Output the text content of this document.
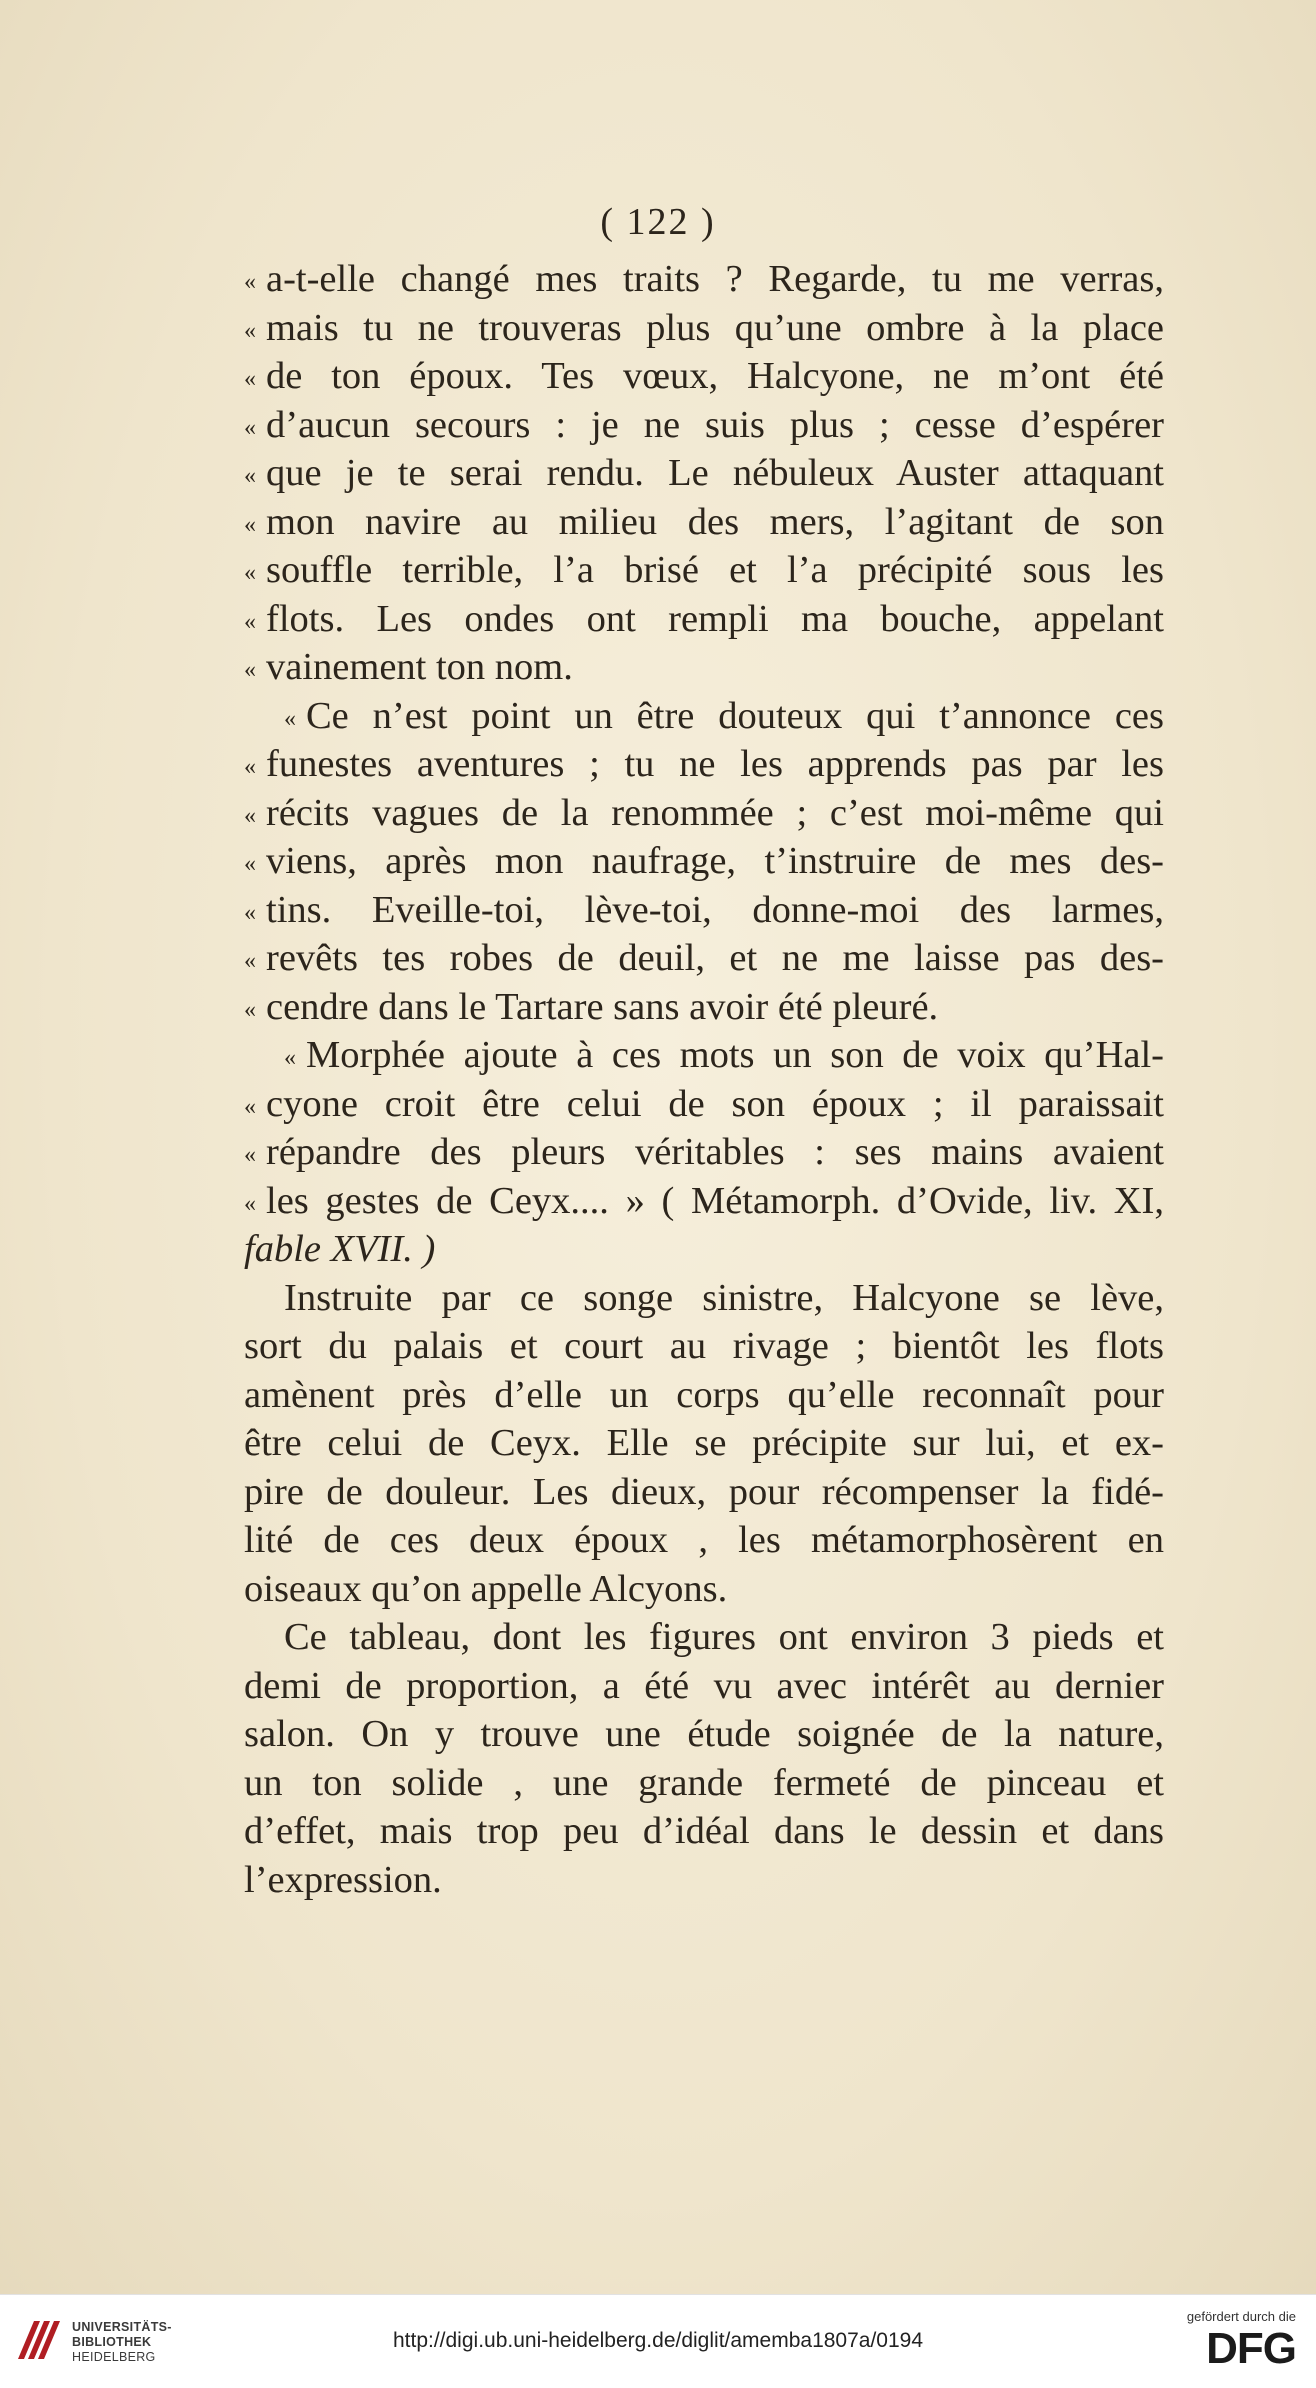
( 122 )
« a-t-elle changé mes traits ? Regarde, tu me verras,
« mais tu ne trouveras plus qu’une ombre à la place
« de ton époux. Tes vœux, Halcyone, ne m’ont été
« d’aucun secours : je ne suis plus ; cesse d’espérer
« que je te serai rendu. Le nébuleux Auster attaquant
« mon navire au milieu des mers, l’agitant de son
« souffle terrible, l’a brisé et l’a précipité sous les
« flots. Les ondes ont rempli ma bouche, appelant
« vainement ton nom.
« Ce n’est point un être douteux qui t’annonce ces
« funestes aventures ; tu ne les apprends pas par les
« récits vagues de la renommée ; c’est moi-même qui
« viens, après mon naufrage, t’instruire de mes des-
« tins. Eveille-toi, lève-toi, donne-moi des larmes,
« revêts tes robes de deuil, et ne me laisse pas des-
« cendre dans le Tartare sans avoir été pleuré.
« Morphée ajoute à ces mots un son de voix qu’Hal-
« cyone croit être celui de son époux ; il paraissait
« répandre des pleurs véritables : ses mains avaient
« les gestes de Ceyx.... » ( Métamorph. d’Ovide, liv. XI,
fable XVII. )
Instruite par ce songe sinistre, Halcyone se lève,
sort du palais et court au rivage ; bientôt les flots
amènent près d’elle un corps qu’elle reconnaît pour
être celui de Ceyx. Elle se précipite sur lui, et ex-
pire de douleur. Les dieux, pour récompenser la fidé-
lité de ces deux époux , les métamorphosèrent en
oiseaux qu’on appelle Alcyons.
Ce tableau, dont les figures ont environ 3 pieds et
demi de proportion, a été vu avec intérêt au dernier
salon. On y trouve une étude soignée de la nature,
un ton solide , une grande fermeté de pinceau et
d’effet, mais trop peu d’idéal dans le dessin et dans
l’expression.
UNIVERSITÄTS-
BIBLIOTHEK
HEIDELBERG
http://digi.ub.uni-heidelberg.de/diglit/amemba1807a/0194
gefördert durch die
DFG
